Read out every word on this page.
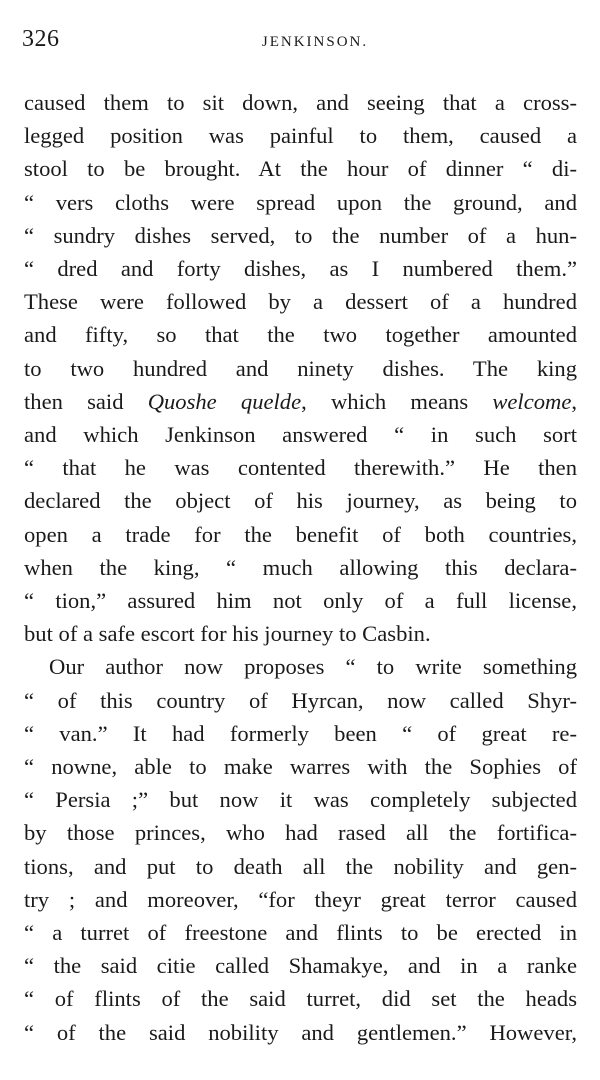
326	JENKINSON.
caused them to sit down, and seeing that a cross-
legged position was painful to them, caused a
stool to be brought. At the hour of dinner “ di-
“ vers cloths were spread upon the ground, and
“ sundry dishes served, to the number of a hun-
“ dred and forty dishes, as I numbered them.”
These were followed by a dessert of a hundred
and fifty, so that the two together amounted
to two hundred and ninety dishes. The king
then said Quoshe quelde, which means welcome,
and which Jenkinson answered “ in such sort
“ that he was contented therewith.” He then
declared the object of his journey, as being to
open a trade for the benefit of both countries,
when the king, “ much allowing this declara-
“ tion,” assured him not only of a full license,
but of a safe escort for his journey to Casbin.
Our author now proposes “ to write something
“ of this country of Hyrcan, now called Shyr-
“ van.” It had formerly been “ of great re-
“ nowne, able to make warres with the Sophies of
“ Persia ;” but now it was completely subjected
by those princes, who had rased all the fortifica-
tions, and put to death all the nobility and gen-
try ; and moreover, “for theyr great terror caused
“ a turret of freestone and flints to be erected in
“ the said citie called Shamakye, and in a ranke
“ of flints of the said turret, did set the heads
“ of the said nobility and gentlemen.” However,
